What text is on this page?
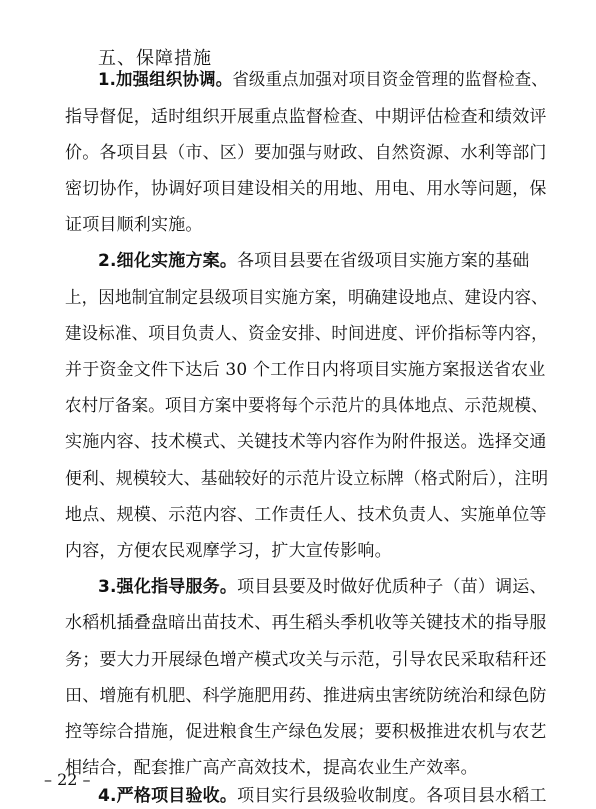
五、保障措施
1.加强组织协调。省级重点加强对项目资金管理的监督检查、
指导督促，适时组织开展重点监督检查、中期评估检查和绩效评
价。各项目县（市、区）要加强与财政、自然资源、水利等部门
密切协作，协调好项目建设相关的用地、用电、用水等问题，保
证项目顺利实施。
2.细化实施方案。各项目县要在省级项目实施方案的基础
上，因地制宜制定县级项目实施方案，明确建设地点、建设内容、
建设标准、项目负责人、资金安排、时间进度、评价指标等内容，
并于资金文件下达后 30 个工作日内将项目实施方案报送省农业
农村厅备案。项目方案中要将每个示范片的具体地点、示范规模、
实施内容、技术模式、关键技术等内容作为附件报送。选择交通
便利、规模较大、基础较好的示范片设立标牌（格式附后），注明
地点、规模、示范内容、工作责任人、技术负责人、实施单位等
内容，方便农民观摩学习，扩大宣传影响。
3.强化指导服务。项目县要及时做好优质种子（苗）调运、
水稻机插叠盘暗出苗技术、再生稻头季机收等关键技术的指导服
务；要大力开展绿色增产模式攻关与示范，引导农民采取秸秆还
田、增施有机肥、科学施肥用药、推进病虫害统防统治和绿色防
控等综合措施，促进粮食生产绿色发展；要积极推进农机与农艺
相结合，配套推广高产高效技术，提高农业生产效率。
4.严格项目验收。项目实行县级验收制度。各项目县水稻工
– 22 –
